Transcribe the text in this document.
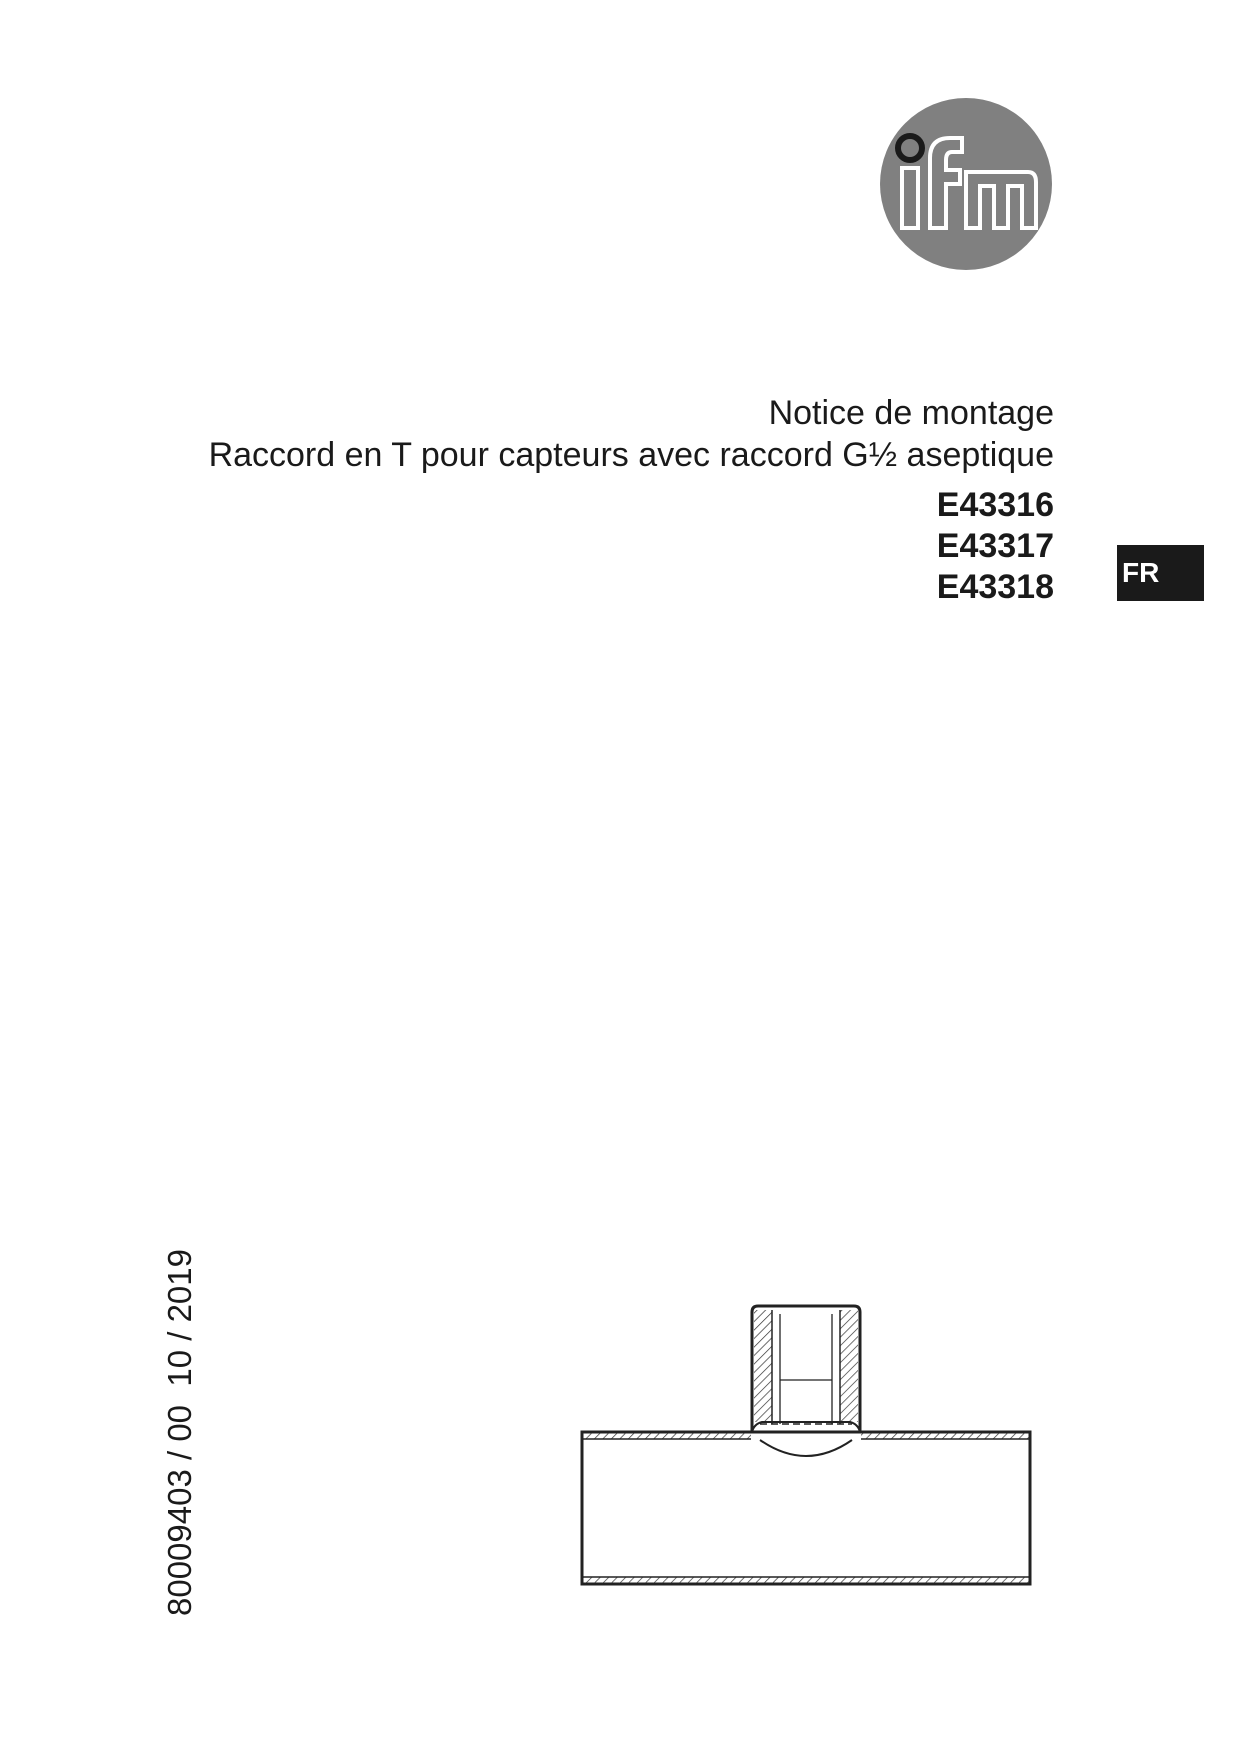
Notice de montage
Raccord en T pour capteurs avec raccord G½ aseptique
E43316
E43317
E43318 FR
80009403 / 00  10 / 2019
